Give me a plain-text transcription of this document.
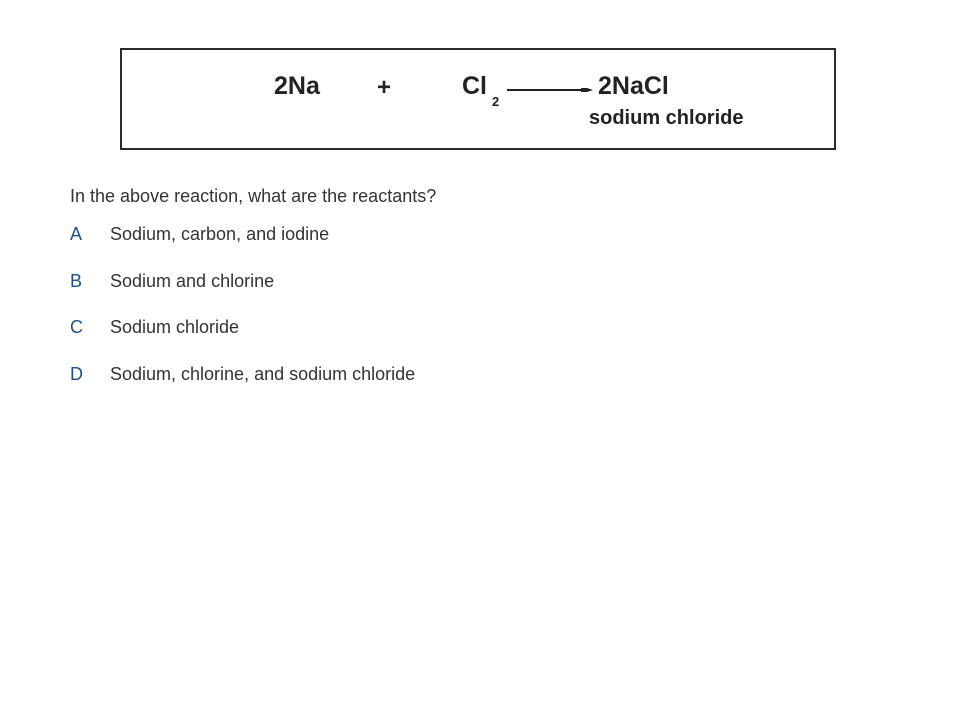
2Na +	Cl
2
2NaCl
sodium chloride
In the above reaction, what are the reactants?
A Sodium, carbon, and iodine
B Sodium and chlorine
C Sodium chloride
D Sodium, chlorine, and sodium chloride
